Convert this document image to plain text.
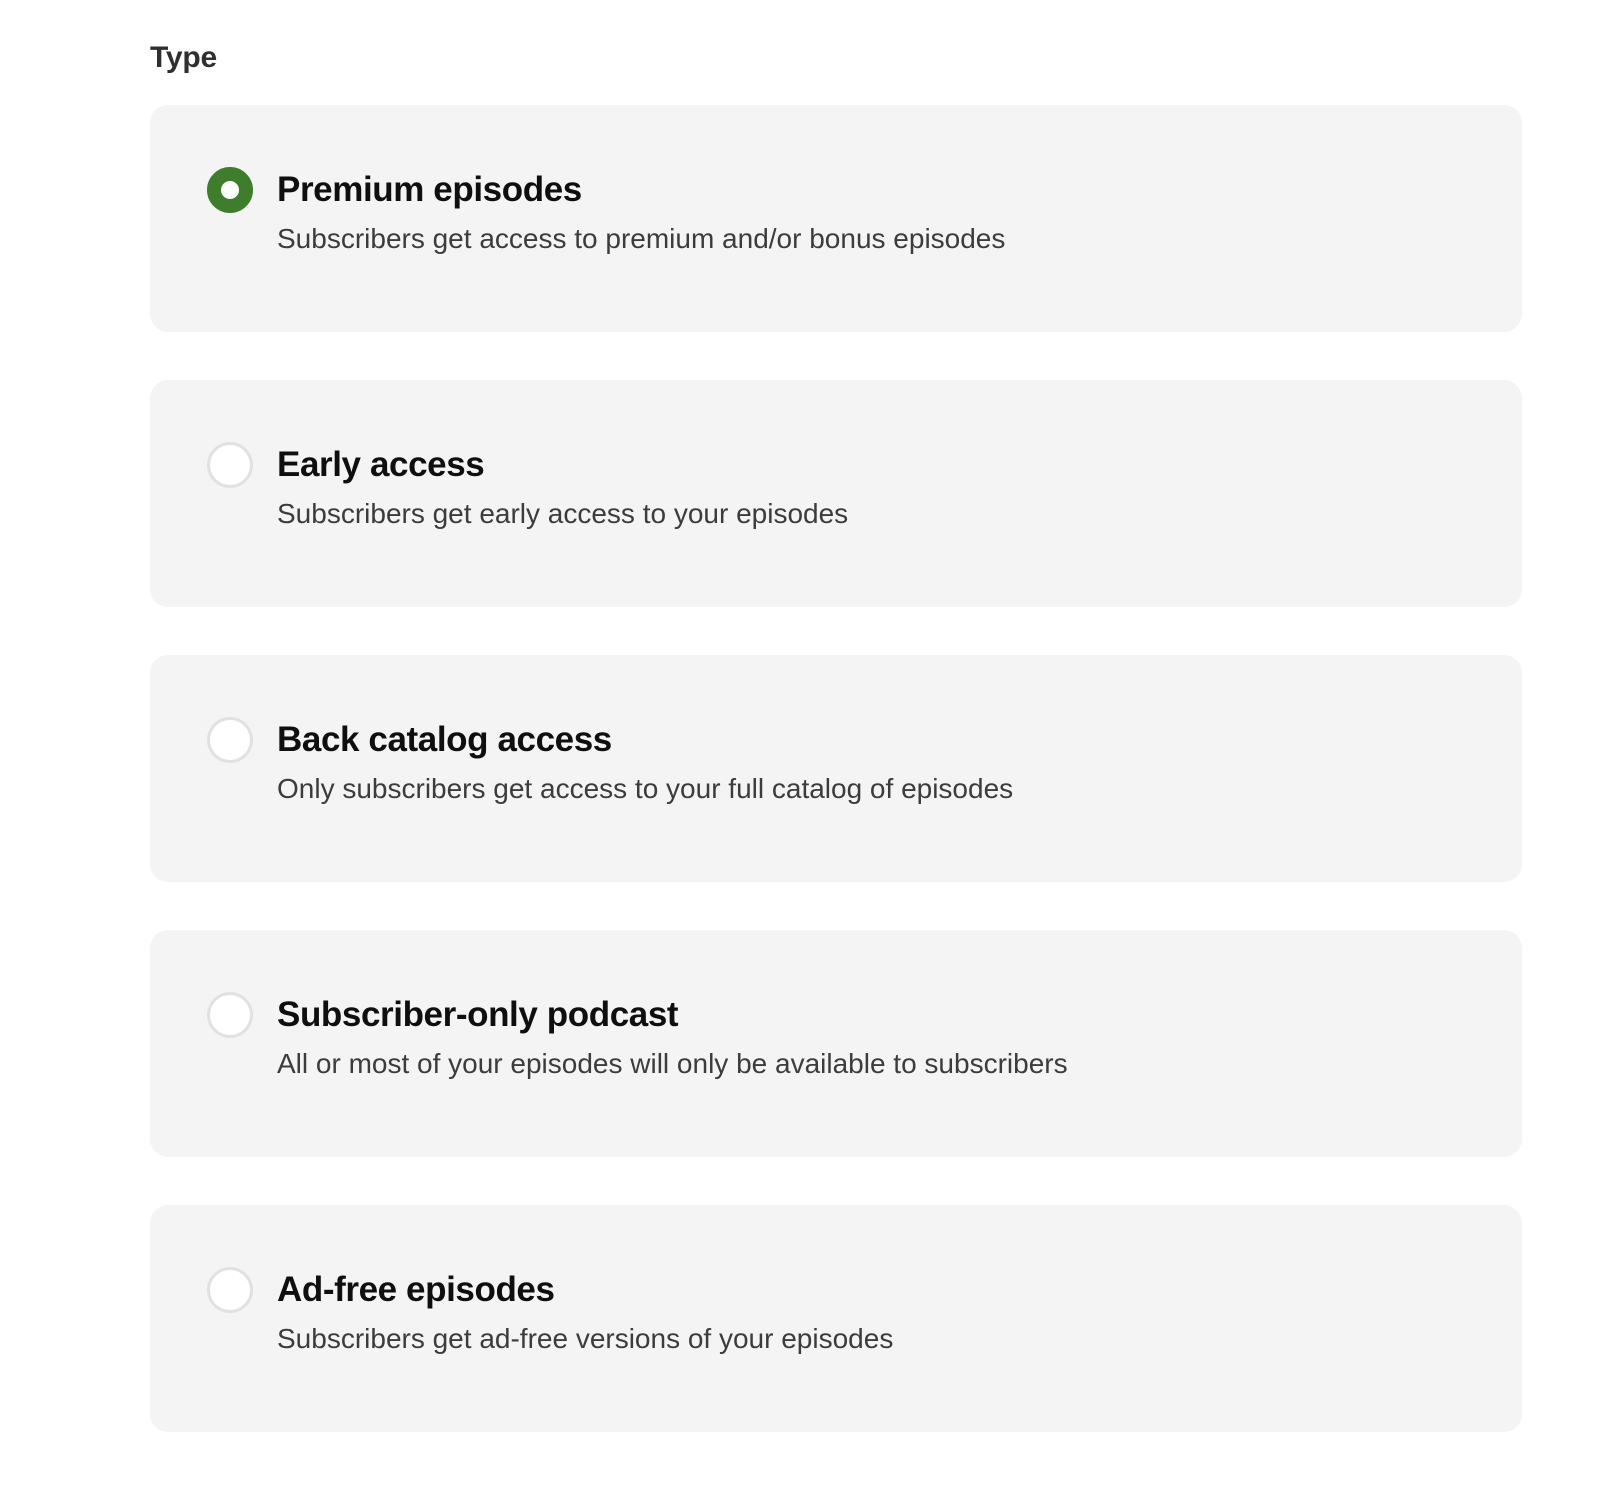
Type
Premium episodes
Subscribers get access to premium and/or bonus episodes
Early access
Subscribers get early access to your episodes
Back catalog access
Only subscribers get access to your full catalog of episodes
Subscriber-only podcast
All or most of your episodes will only be available to subscribers
Ad-free episodes
Subscribers get ad-free versions of your episodes
